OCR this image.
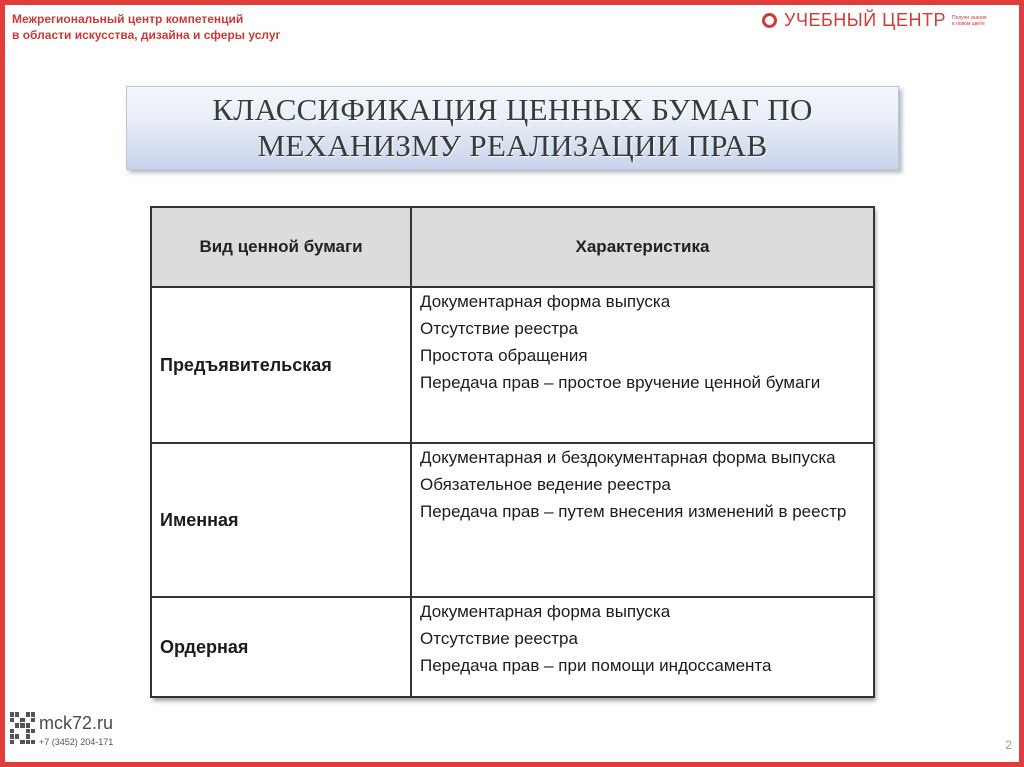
Межрегиональный центр компетенций
в области искусства, дизайна и сферы услуг
УЧЕБНЫЙ ЦЕНТР Получи знания в новом цвете
КЛАССИФИКАЦИЯ ЦЕННЫХ БУМАГ ПО
МЕХАНИЗМУ РЕАЛИЗАЦИИ ПРАВ
Вид ценной бумаги	Характеристика
Предъявительская	Документарная форма выпуска
Отсутствие реестра
Простота обращения
Передача прав – простое вручение ценной бумаги

Именная	Документарная и бездокументарная форма выпуска
Обязательное ведение реестра
Передача прав – путем внесения изменений в реестр

Ордерная	Документарная форма выпуска
Отсутствие реестра
Передача прав – при помощи индоссамента
mck72.ru
+7 (3452) 204-171	2
